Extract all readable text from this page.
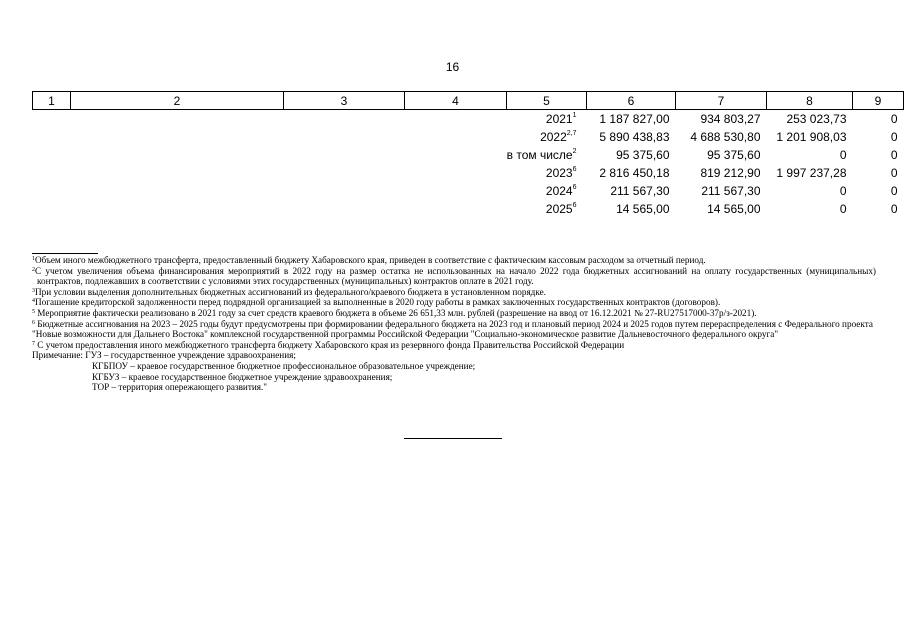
16
1	2	3	4	5	6	7	8	9
				2021$^1$	1 187 827,00	934 803,27	253 023,73	0
				2022$^{2,7}$	5 890 438,83	4 688 530,80	1 201 908,03	0
				в том числе$^2$	95 375,60	95 375,60	0	0
				2023$^6$	2 816 450,18	819 212,90	1 997 237,28	0
				2024$^6$	211 567,30	211 567,30	0	0
				2025$^6$	14 565,00	14 565,00	0	0

$^1$Объем иного межбюджетного трансферта, предоставленный бюджету Хабаровского края, приведен в соответствие с фактическим кассовым расходом за отчетный период.

$^2$С учетом увеличения объема финансирования мероприятий в 2022 году на размер остатка не использованных на начало 2022 года бюджетных ассигнований на оплату государственных (муниципальных) контрактов, подлежавших в соответствии с условиями этих государственных (муниципальных) контрактов оплате в 2021 году.

$^3$При условии выделения дополнительных бюджетных ассигнований из федерального/краевого бюджета в установленном порядке.

$^4$Погашение кредиторской задолженности перед подрядной организацией за выполненные в 2020 году работы в рамках заключенных государственных контрактов (договоров).

$^5$ Мероприятие фактически реализовано в 2021 году за счет средств краевого бюджета в объеме 26 651,33 млн. рублей (разрешение на ввод от 16.12.2021 № 27-RU27517000-37р/з-2021).

$^6$ Бюджетные ассигнования на 2023 – 2025 годы будут предусмотрены при формировании федерального бюджета на 2023 год и плановый период 2024 и 2025 годов путем перераспределения с Федерального проекта "Новые возможности для Дальнего Востока" комплексной государственной программы Российской Федерации "Социально-экономическое развитие Дальневосточного федерального округа"

$^7$ С учетом предоставления иного межбюджетного трансферта бюджету Хабаровского края из резервного фонда Правительства Российской Федерации

Примечание: ГУЗ – государственное учреждение здравоохранения;

КГБПОУ – краевое государственное бюджетное профессиональное образовательное учреждение;

КГБУЗ – краевое государственное бюджетное учреждение здравоохранения;

ТОР – территория опережающего развития."
